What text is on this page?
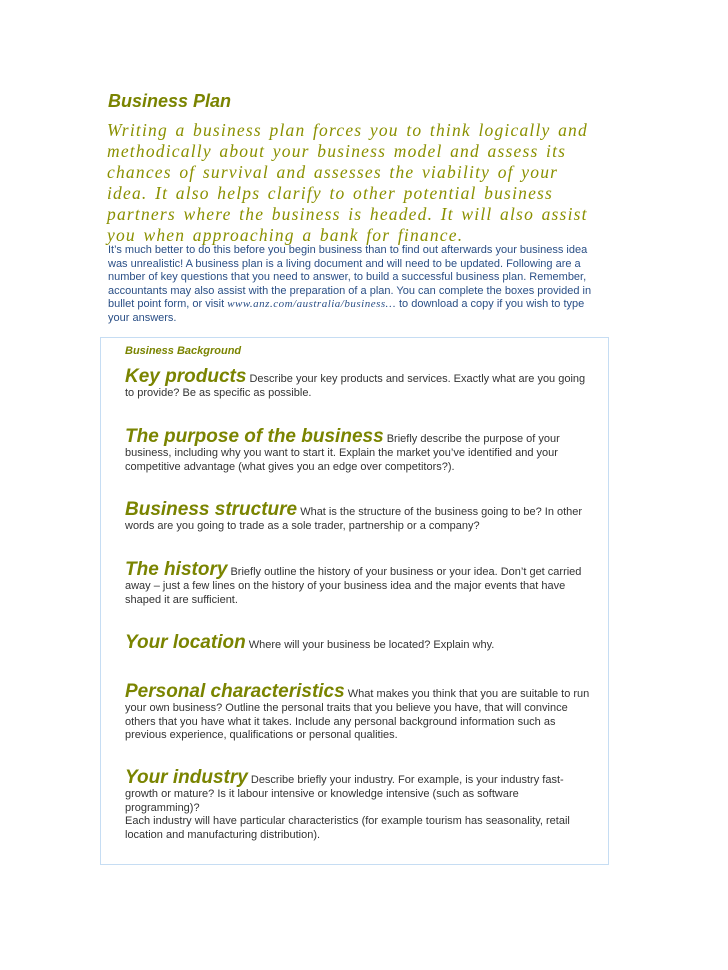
Business Plan
Writing a business plan forces you to think logically and methodically about your business model and assess its chances of survival and assesses the viability of your idea. It also helps clarify to other potential business partners where the business is headed. It will also assist you when approaching a bank for finance.
It’s much better to do this before you begin business than to find out afterwards your business idea was unrealistic! A business plan is a living document and will need to be updated. Following are a number of key questions that you need to answer, to build a successful business plan. Remember, accountants may also assist with the preparation of a plan. You can complete the boxes provided in bullet point form, or visit www.anz.com/australia/business… to download a copy if you wish to type your answers.
Business Background
Key products Describe your key products and services. Exactly what are you going to provide? Be as specific as possible.
The purpose of the business Briefly describe the purpose of your business, including why you want to start it. Explain the market you’ve identified and your competitive advantage (what gives you an edge over competitors?).
Business structure What is the structure of the business going to be? In other words are you going to trade as a sole trader, partnership or a company?
The history Briefly outline the history of your business or your idea. Don’t get carried away – just a few lines on the history of your business idea and the major events that have shaped it are sufficient.
Your location Where will your business be located? Explain why.
Personal characteristics What makes you think that you are suitable to run your own business? Outline the personal traits that you believe you have, that will convince others that you have what it takes. Include any personal background information such as previous experience, qualifications or personal qualities.
Your industry Describe briefly your industry. For example, is your industry fast-growth or mature? Is it labour intensive or knowledge intensive (such as software programming)?
Each industry will have particular characteristics (for example tourism has seasonality, retail location and manufacturing distribution).
